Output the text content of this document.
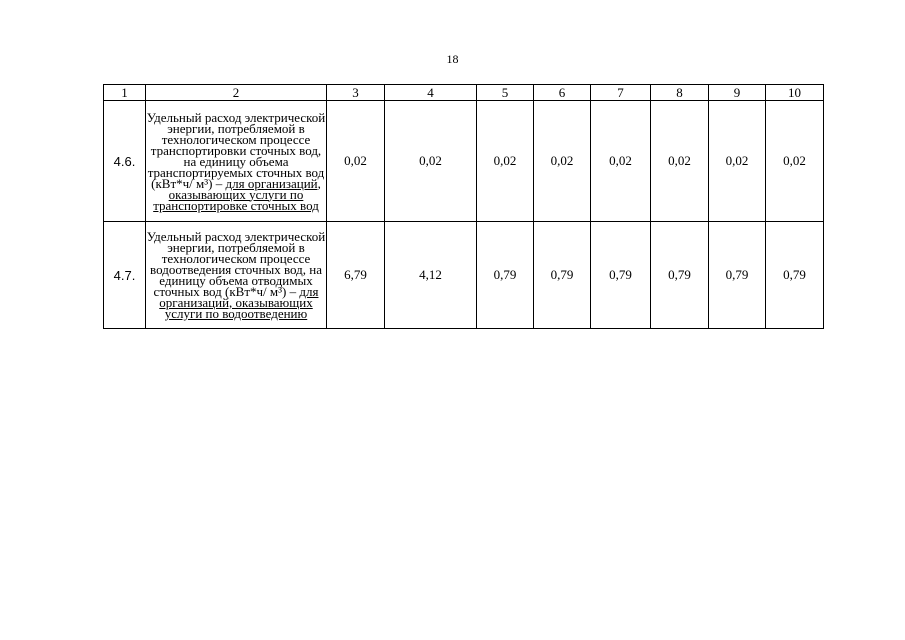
18
1	2	3	4	5	6	7	8	9	10
4.6.	Удельный расход электрической энергии, потребляемой в технологическом процессе транспортировки сточных вод, на единицу объема транспортируемых сточных вод (кВт*ч/ м³) – для организаций, оказывающих услуги по транспортировке сточных вод	0,02	0,02	0,02	0,02	0,02	0,02	0,02	0,02
4.7.	Удельный расход электрической энергии, потребляемой в технологическом процессе водоотведения сточных вод, на единицу объема отводимых сточных вод (кВт*ч/ м³) – для организаций, оказывающих услуги по водоотведению	6,79	4,12	0,79	0,79	0,79	0,79	0,79	0,79
